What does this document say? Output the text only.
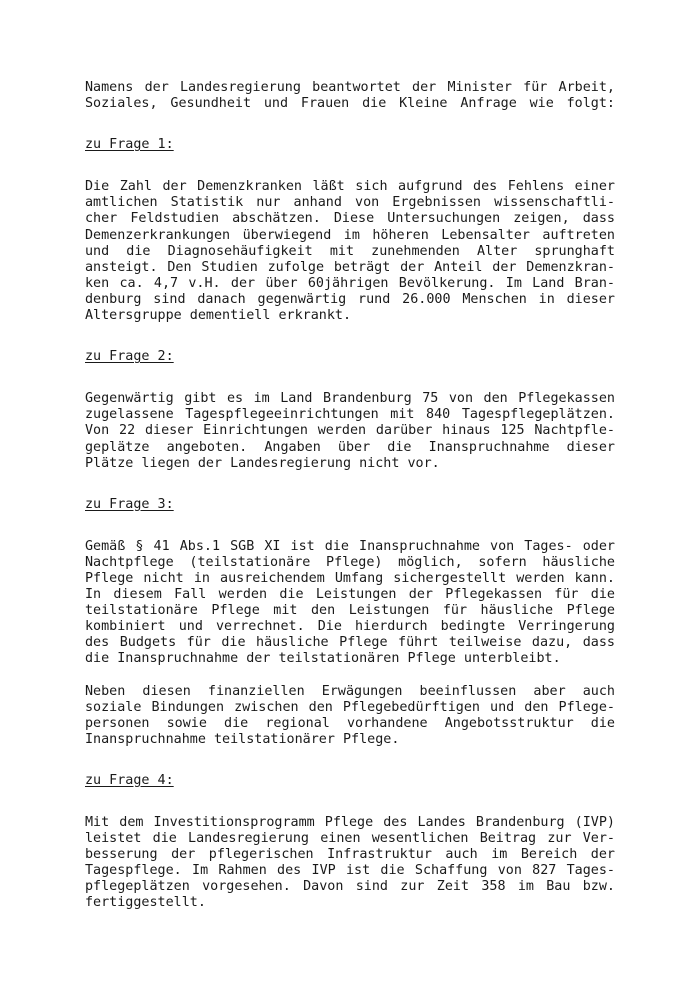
Namens der Landesregierung beantwortet der Minister für Arbeit,
Soziales, Gesundheit und Frauen die Kleine Anfrage wie folgt:
zu Frage 1:
Die Zahl der Demenzkranken läßt sich aufgrund des Fehlens einer
amtlichen Statistik nur anhand von Ergebnissen wissenschaftli-
cher Feldstudien abschätzen. Diese Untersuchungen zeigen, dass
Demenzerkrankungen überwiegend im höheren Lebensalter auftreten
und die Diagnosehäufigkeit mit zunehmenden Alter sprunghaft
ansteigt. Den Studien zufolge beträgt der Anteil der Demenzkran-
ken ca. 4,7 v.H. der über 60jährigen Bevölkerung. Im Land Bran-
denburg sind danach gegenwärtig rund 26.000 Menschen in dieser
Altersgruppe dementiell erkrankt.
zu Frage 2:
Gegenwärtig gibt es im Land Brandenburg 75 von den Pflegekassen
zugelassene Tagespflegeeinrichtungen mit 840 Tagespflegeplätzen.
Von 22 dieser Einrichtungen werden darüber hinaus 125 Nachtpfle-
geplätze angeboten. Angaben über die Inanspruchnahme dieser
Plätze liegen der Landesregierung nicht vor.
zu Frage 3:
Gemäß § 41 Abs.1 SGB XI ist die Inanspruchnahme von Tages- oder
Nachtpflege (teilstationäre Pflege) möglich, sofern häusliche
Pflege nicht in ausreichendem Umfang sichergestellt werden kann.
In diesem Fall werden die Leistungen der Pflegekassen für die
teilstationäre Pflege mit den Leistungen für häusliche Pflege
kombiniert und verrechnet. Die hierdurch bedingte Verringerung
des Budgets für die häusliche Pflege führt teilweise dazu, dass
die Inanspruchnahme der teilstationären Pflege unterbleibt.
Neben diesen finanziellen Erwägungen beeinflussen aber auch
soziale Bindungen zwischen den Pflegebedürftigen und den Pflege-
personen sowie die regional vorhandene Angebotsstruktur die
Inanspruchnahme teilstationärer Pflege.
zu Frage 4:
Mit dem Investitionsprogramm Pflege des Landes Brandenburg (IVP)
leistet die Landesregierung einen wesentlichen Beitrag zur Ver-
besserung der pflegerischen Infrastruktur auch im Bereich der
Tagespflege. Im Rahmen des IVP ist die Schaffung von 827 Tages-
pflegeplätzen vorgesehen. Davon sind zur Zeit 358 im Bau bzw.
fertiggestellt.
